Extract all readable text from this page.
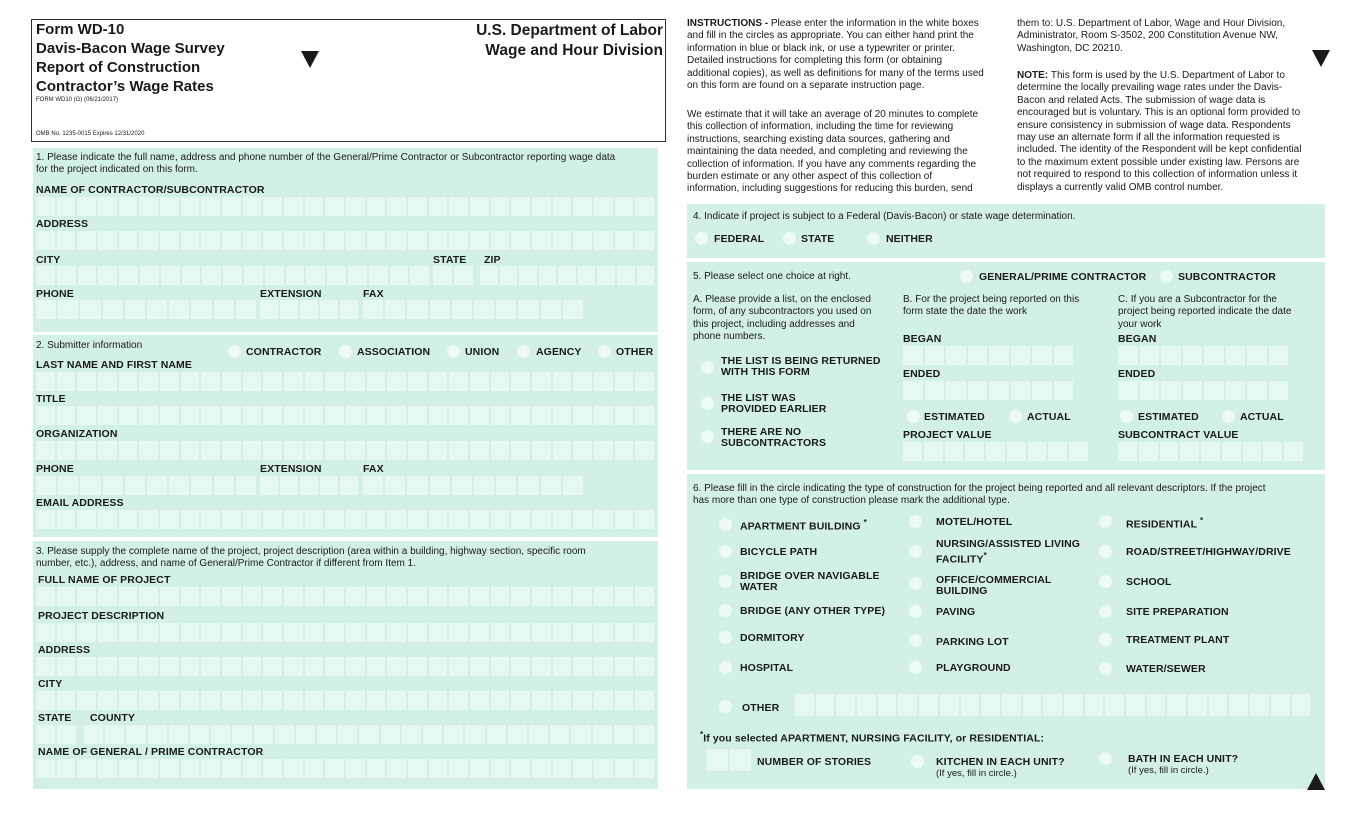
Form WD-10
Davis-Bacon Wage Survey
Report of Construction
Contractor’s Wage Rates
FORM WD10 (G) (06/21/2017)
OMB No. 1235-0015 Expires 12/31/2020
U.S. Department of Labor
Wage and Hour Division
INSTRUCTIONS - Please enter the information in the white boxes
and fill in the circles as appropriate. You can either hand print the
information in blue or black ink, or use a typewriter or printer.
Detailed instructions for completing this form (or obtaining
additional copies), as well as definitions for many of the terms used
on this form are found on a separate instruction page.
We estimate that it will take an average of 20 minutes to complete
this collection of information, including the time for reviewing
instructions, searching existing data sources, gathering and
maintaining the data needed, and completing and reviewing the
collection of information. If you have any comments regarding the
burden estimate or any other aspect of this collection of
information, including suggestions for reducing this burden, send
them to: U.S. Department of Labor, Wage and Hour Division,
Administrator, Room S-3502, 200 Constitution Avenue NW,
Washington, DC 20210.
NOTE: This form is used by the U.S. Department of Labor to
determine the locally prevailing wage rates under the Davis-
Bacon and related Acts. The submission of wage data is
encouraged but is voluntary. This is an optional form provided to
ensure consistency in submission of wage data. Respondents
may use an alternate form if all the information requested is
included. The identity of the Respondent will be kept confidential
to the maximum extent possible under existing law. Persons are
not required to respond to this collection of information unless it
displays a currently valid OMB control number.
1. Please indicate the full name, address and phone number of the General/Prime Contractor or Subcontractor reporting wage data
for the project indicated on this form.
NAME OF CONTRACTOR/SUBCONTRACTOR
ADDRESS
CITY	STATE ZIP
PHONE	EXTENSION	FAX
2. Submitter information
CONTRACTOR	ASSOCIATION	UNION	AGENCY	OTHER
LAST NAME AND FIRST NAME
TITLE
ORGANIZATION
PHONE	EXTENSION	FAX
EMAIL ADDRESS
3. Please supply the complete name of the project, project description (area within a building, highway section, specific room
number, etc.), address, and name of General/Prime Contractor if different from Item 1.
FULL NAME OF PROJECT
PROJECT DESCRIPTION
ADDRESS
CITY
STATE COUNTY
NAME OF GENERAL / PRIME CONTRACTOR
4. Indicate if project is subject to a Federal (Davis-Bacon) or state wage determination.
FEDERAL	STATE	NEITHER
5. Please select one choice at right.	GENERAL/PRIME CONTRACTOR	SUBCONTRACTOR
A. Please provide a list, on the enclosed
form, of any subcontractors you used on
this project, including addresses and
phone numbers.
THE LIST IS BEING RETURNED
WITH THIS FORM
THE LIST WAS
PROVIDED EARLIER
THERE ARE NO
SUBCONTRACTORS
B. For the project being reported on this
form state the date the work
BEGAN
ENDED
ESTIMATED	ACTUAL
PROJECT VALUE
C. If you are a Subcontractor for the
project being reported indicate the date
your work
BEGAN
ENDED
ESTIMATED	ACTUAL
SUBCONTRACT VALUE
6. Please fill in the circle indicating the type of construction for the project being reported and all relevant descriptors. If the project
has more than one type of construction please mark the additional type.
APARTMENT BUILDING *
BICYCLE PATH
BRIDGE OVER NAVIGABLE
WATER
BRIDGE (ANY OTHER TYPE)
DORMITORY
HOSPITAL
MOTEL/HOTEL
NURSING/ASSISTED LIVING
FACILITY*
OFFICE/COMMERCIAL
BUILDING
PAVING
PARKING LOT
PLAYGROUND
RESIDENTIAL *
ROAD/STREET/HIGHWAY/DRIVE
SCHOOL
SITE PREPARATION
TREATMENT PLANT
WATER/SEWER
OTHER
*If you selected APARTMENT, NURSING FACILITY, or RESIDENTIAL:
NUMBER OF STORIES	KITCHEN IN EACH UNIT?
(If yes, fill in circle.)
BATH IN EACH UNIT?
(If yes, fill in circle.)
